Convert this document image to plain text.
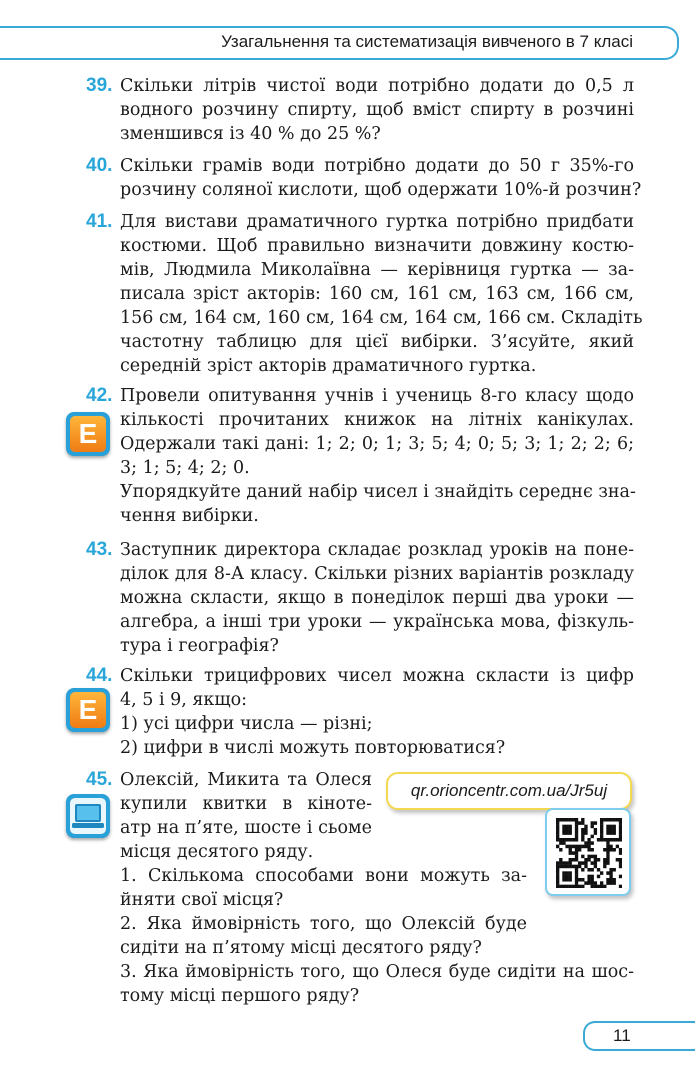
Узагальнення та систематизація вивченого в 7 класі
39. Скільки літрів чистої води потрібно додати до 0,5 л
водного розчину спирту, щоб вміст спирту в розчині
зменшився із 40 % до 25 %?
40. Скільки грамів води потрібно додати до 50 г 35%-го
розчину соляної кислоти, щоб одержати 10%-й розчин?
41. Для вистави драматичного гуртка потрібно придбати
костюми. Щоб правильно визначити довжину костю-
мів, Людмила Миколаївна — керівниця гуртка — за-
писала зріст акторів: 160 см, 161 см, 163 см, 166 см,
156 см, 164 см, 160 см, 164 см, 164 см, 166 см. Складіть
частотну таблицю для цієї вибірки. З’ясуйте, який
середній зріст акторів драматичного гуртка.
E
42. Провели опитування учнів і учениць 8-го класу щодо
кількості прочитаних книжок на літніх канікулах.
Одержали такі дані: 1; 2; 0; 1; 3; 5; 4; 0; 5; 3; 1; 2; 2; 6;
3; 1; 5; 4; 2; 0.
Упорядкуйте даний набір чисел і знайдіть середнє зна-
чення вибірки.
43. Заступник директора складає розклад уроків на поне-
ділок для 8-А класу. Скільки різних варіантів розкладу
можна скласти, якщо в понеділок перші два уроки —
алгебра, а інші три уроки — українська мова, фізкуль-
тура і географія?
E
44. Скільки трицифрових чисел можна скласти із цифр
4, 5 і 9, якщо:
1) усі цифри числа — різні;
2) цифри в числі можуть повторюватися?
45. Олексій, Микита та Олеся
купили квитки в кіноте-
атр на п’яте, шосте і сьоме
місця десятого ряду.
1. Скількома способами вони можуть за-
йняти свої місця?
2. Яка ймовірність того, що Олексій буде
сидіти на п’ятому місці десятого ряду?
3. Яка ймовірність того, що Олеся буде сидіти на шос-
тому місці першого ряду?
qr.orioncentr.com.ua/Jr5uj
11
